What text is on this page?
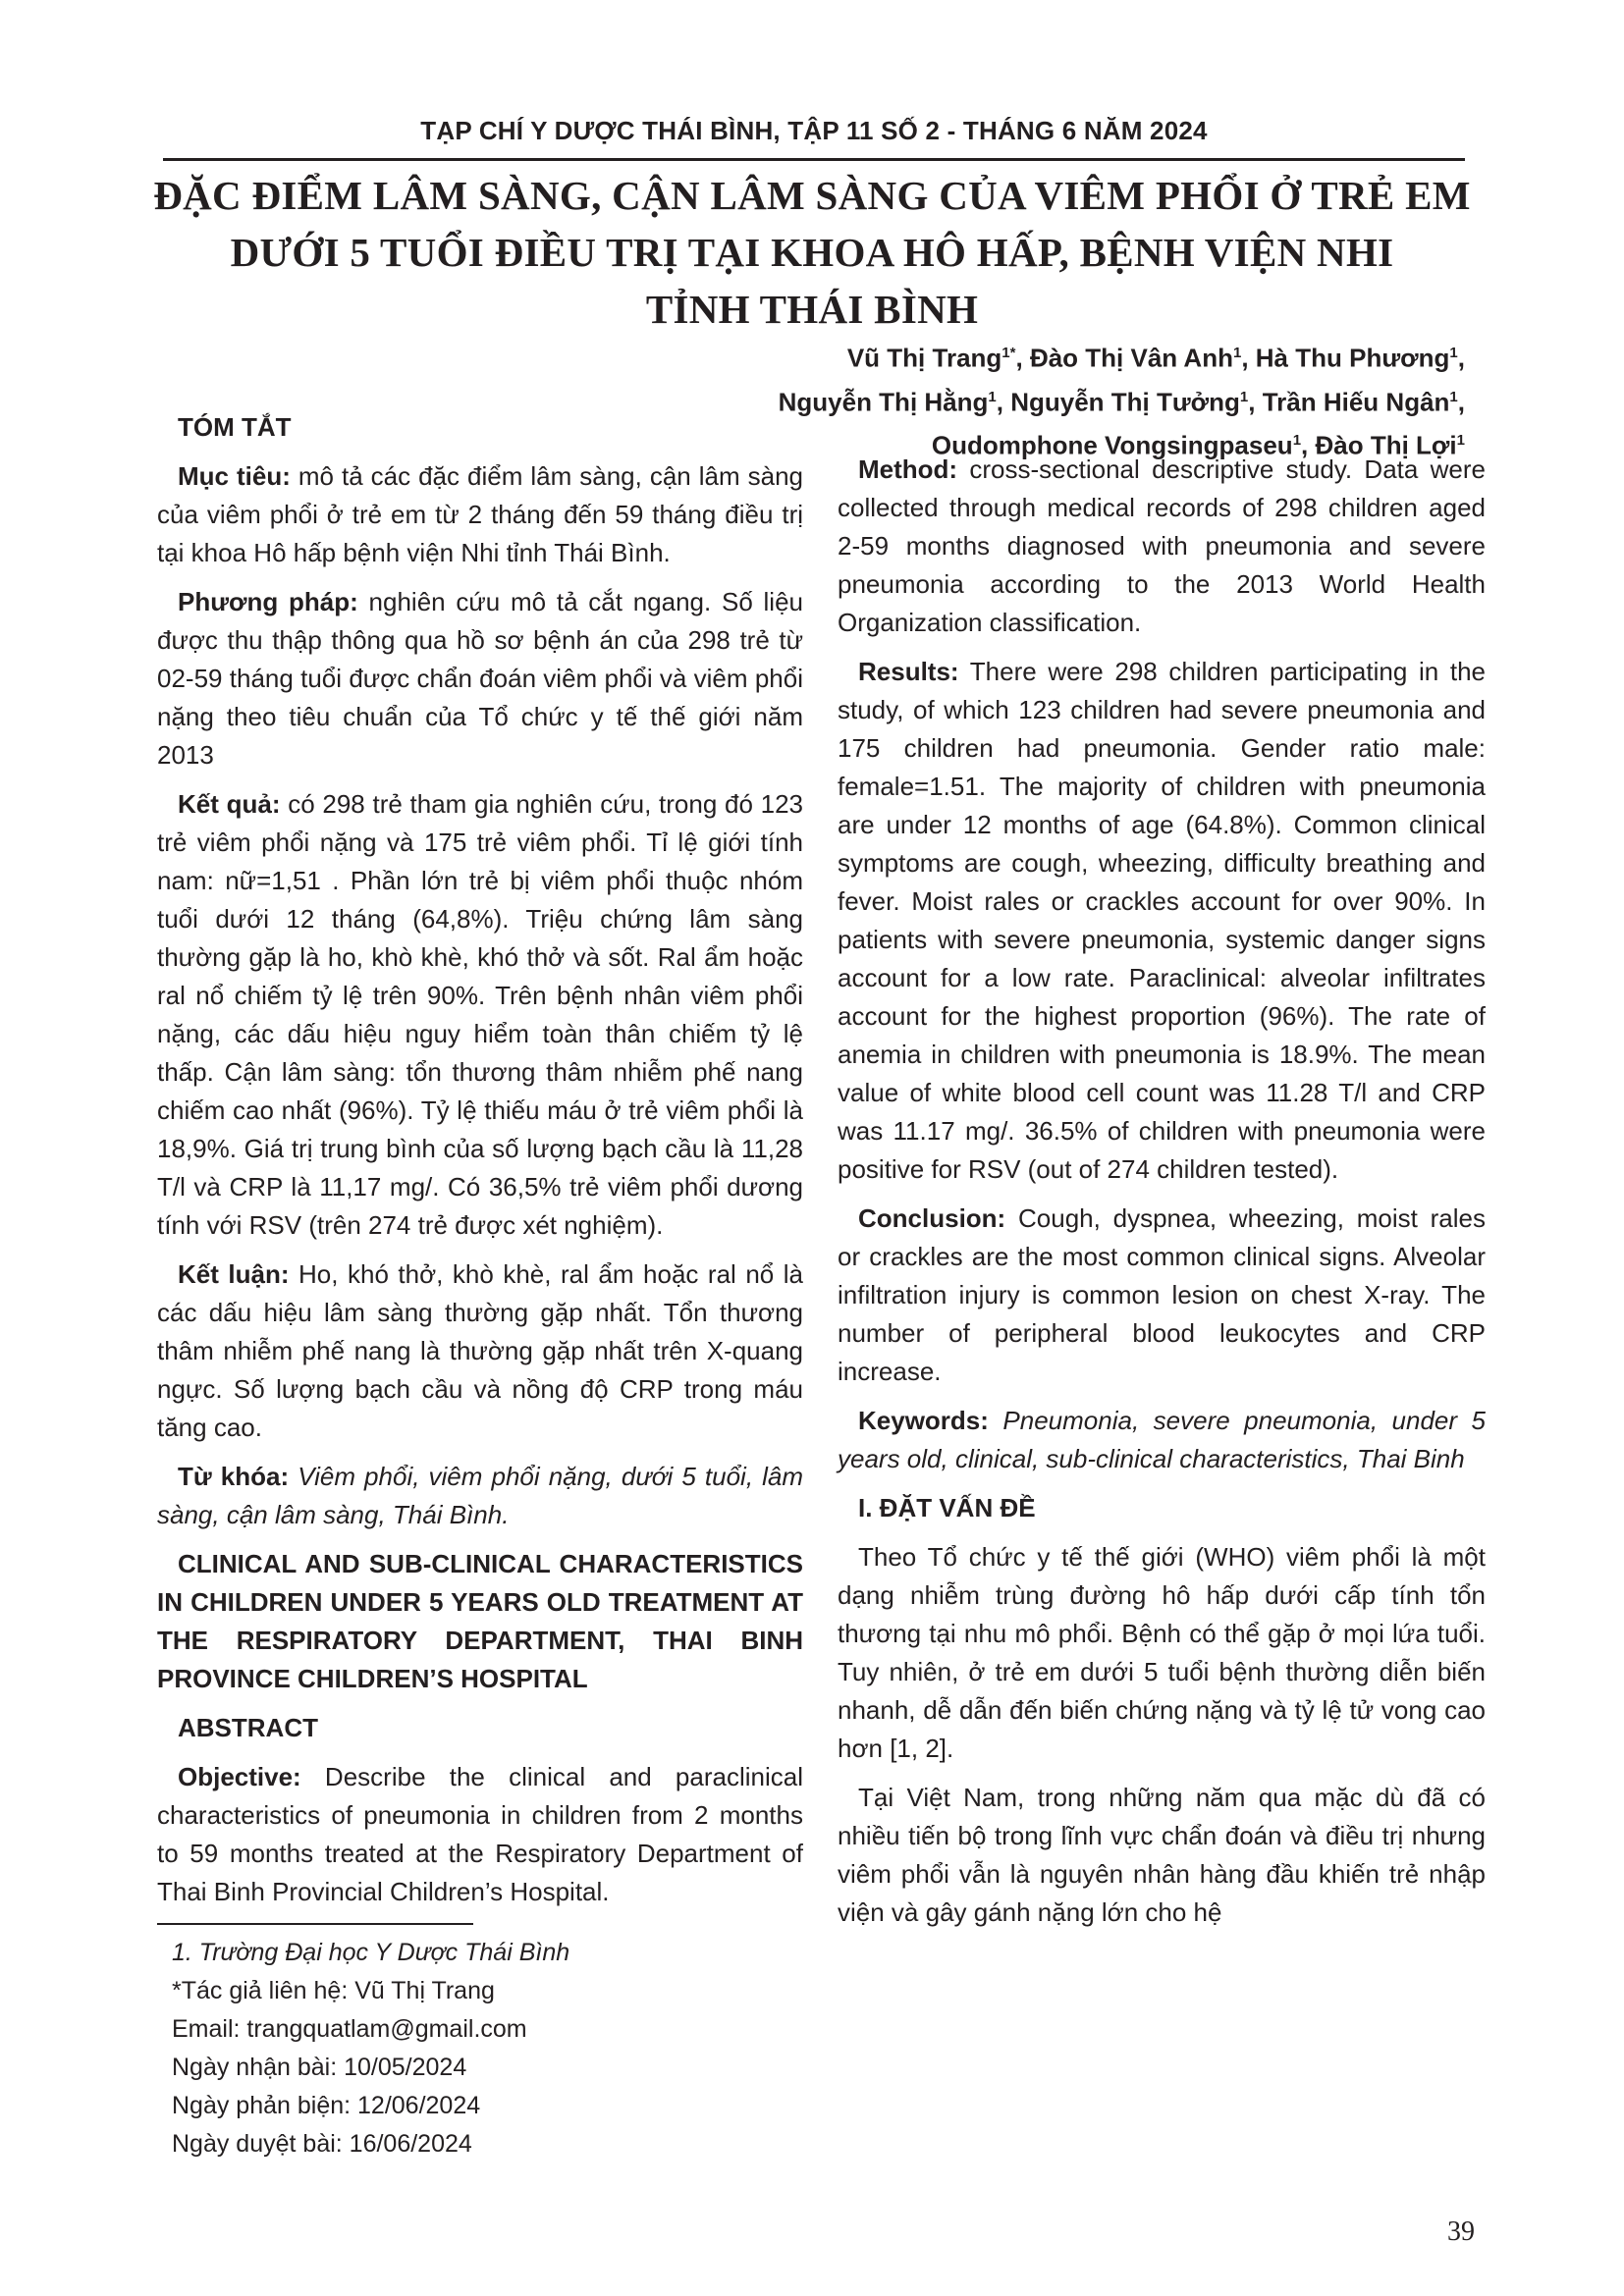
TẠP CHÍ Y DƯỢC THÁI BÌNH, TẬP 11 SỐ 2 - THÁNG 6 NĂM 2024
ĐẶC ĐIỂM LÂM SÀNG, CẬN LÂM SÀNG CỦA VIÊM PHỔI Ở TRẺ EM
DƯỚI 5 TUỔI ĐIỀU TRỊ TẠI KHOA HÔ HẤP, BỆNH VIỆN NHI
TỈNH THÁI BÌNH
Vũ Thị Trang$^{1*}$, Đào Thị Vân Anh$^1$, Hà Thu Phương$^1$,
Nguyễn Thị Hằng$^1$, Nguyễn Thị Tưởng$^1$, Trần Hiếu Ngân$^1$,
Oudomphone Vongsingpaseu$^1$, Đào Thị Lợi$^1$
TÓM TẮT

Mục tiêu: mô tả các đặc điểm lâm sàng, cận lâm sàng của viêm phổi ở trẻ em từ 2 tháng đến 59 tháng điều trị tại khoa Hô hấp bệnh viện Nhi tỉnh Thái Bình.

Phương pháp: nghiên cứu mô tả cắt ngang. Số liệu được thu thập thông qua hồ sơ bệnh án của 298 trẻ từ 02-59 tháng tuổi được chẩn đoán viêm phổi và viêm phổi nặng theo tiêu chuẩn của Tổ chức y tế thế giới năm 2013

Kết quả: có 298 trẻ tham gia nghiên cứu, trong đó 123 trẻ viêm phổi nặng và 175 trẻ viêm phổi. Tỉ lệ giới tính nam: nữ=1,51 . Phần lớn trẻ bị viêm phổi thuộc nhóm tuổi dưới 12 tháng (64,8%). Triệu chứng lâm sàng thường gặp là ho, khò khè, khó thở và sốt. Ral ẩm hoặc ral nổ chiếm tỷ lệ trên 90%. Trên bệnh nhân viêm phổi nặng, các dấu hiệu nguy hiểm toàn thân chiếm tỷ lệ thấp. Cận lâm sàng: tổn thương thâm nhiễm phế nang chiếm cao nhất (96%). Tỷ lệ thiếu máu ở trẻ viêm phổi là 18,9%. Giá trị trung bình của số lượng bạch cầu là 11,28 T/l và CRP là 11,17 mg/. Có 36,5% trẻ viêm phổi dương tính với RSV (trên 274 trẻ được xét nghiệm).

Kết luận: Ho, khó thở, khò khè, ral ẩm hoặc ral nổ là các dấu hiệu lâm sàng thường gặp nhất. Tổn thương thâm nhiễm phế nang là thường gặp nhất trên X-quang ngực. Số lượng bạch cầu và nồng độ CRP trong máu tăng cao.

Từ khóa: Viêm phổi, viêm phổi nặng, dưới 5 tuổi, lâm sàng, cận lâm sàng, Thái Bình.

CLINICAL AND SUB-CLINICAL CHARACTERISTICS IN CHILDREN UNDER 5 YEARS OLD TREATMENT AT THE RESPIRATORY DEPARTMENT, THAI BINH PROVINCE CHILDREN’S HOSPITAL
ABSTRACT

Objective: Describe the clinical and paraclinical characteristics of pneumonia in children from 2 months to 59 months treated at the Respiratory Department of Thai Binh Provincial Children’s Hospital.

Method: cross-sectional descriptive study. Data were collected through medical records of 298 children aged 2-59 months diagnosed with pneumonia and severe pneumonia according to the 2013 World Health Organization classification.

Results: There were 298 children participating in the study, of which 123 children had severe pneumonia and 175 children had pneumonia. Gender ratio male: female=1.51. The majority of children with pneumonia are under 12 months of age (64.8%). Common clinical symptoms are cough, wheezing, difficulty breathing and fever. Moist rales or crackles account for over 90%. In patients with severe pneumonia, systemic danger signs account for a low rate. Paraclinical: alveolar infiltrates account for the highest proportion (96%). The rate of anemia in children with pneumonia is 18.9%. The mean value of white blood cell count was 11.28 T/l and CRP was 11.17 mg/. 36.5% of children with pneumonia were positive for RSV (out of 274 children tested).

Conclusion: Cough, dyspnea, wheezing, moist rales or crackles are the most common clinical signs. Alveolar infiltration injury is common lesion on chest X-ray. The number of peripheral blood leukocytes and CRP increase.

Keywords: Pneumonia, severe pneumonia, under 5 years old, clinical, sub-clinical characteristics, Thai Binh

I. ĐẶT VẤN ĐỀ

Theo Tổ chức y tế thế giới (WHO) viêm phổi là một dạng nhiễm trùng đường hô hấp dưới cấp tính tổn thương tại nhu mô phổi. Bệnh có thể gặp ở mọi lứa tuổi. Tuy nhiên, ở trẻ em dưới 5 tuổi bệnh thường diễn biến nhanh, dễ dẫn đến biến chứng nặng và tỷ lệ tử vong cao hơn [1, 2].

Tại Việt Nam, trong những năm qua mặc dù đã có nhiều tiến bộ trong lĩnh vực chẩn đoán và điều trị nhưng viêm phổi vẫn là nguyên nhân hàng đầu khiến trẻ nhập viện và gây gánh nặng lớn cho hệ

1. Trường Đại học Y Dược Thái Bình
*Tác giả liên hệ: Vũ Thị Trang
Email: trangquatlam@gmail.com
Ngày nhận bài: 10/05/2024
Ngày phản biện: 12/06/2024
Ngày duyệt bài: 16/06/2024
39
